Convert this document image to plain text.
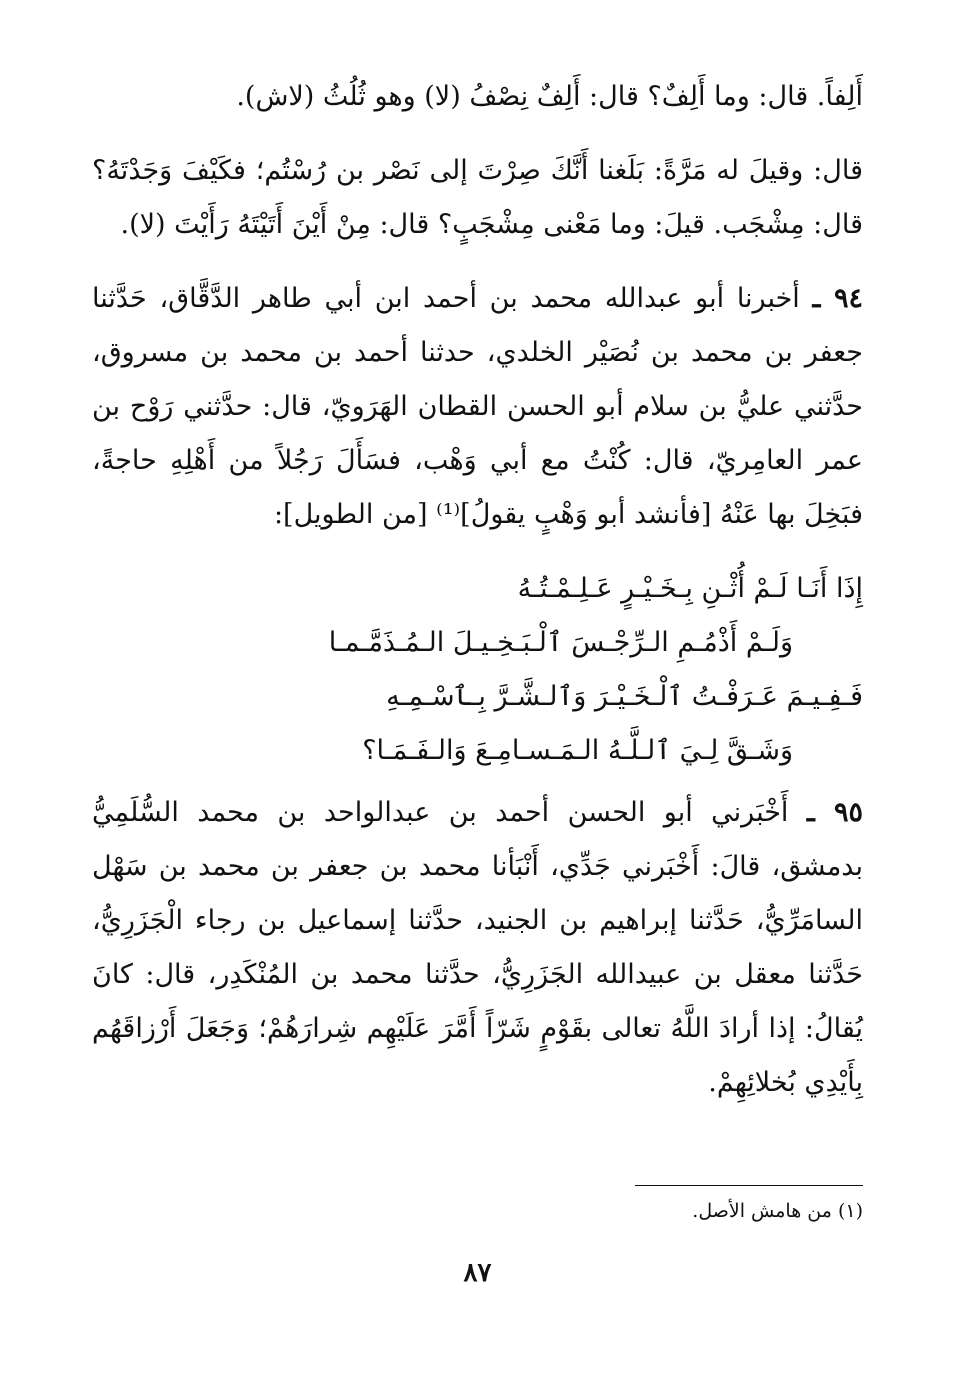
أَلِفاً. قال: وما أَلِفٌ؟ قال: أَلِفٌ نِصْفُ (لا) وهو ثُلُثُ (لاش).

قال: وقيلَ له مَرَّةً: بَلَغنا أَنَّكَ صِرْتَ إلى نَصْر بن رُسْتُم؛ فكَيْفَ وَجَدْتَهُ؟ قال: مِشْجَب. قيلَ: وما مَعْنى مِشْجَبٍ؟ قال: مِنْ أَيْنَ أَتَيْتَهُ رَأَيْتَ (لا).

٩٤ ـ أخبرنا أبو عبدالله محمد بن أحمد ابن أبي طاهر الدَّقَّاق، حَدَّثنا جعفر بن محمد بن نُصَيْر الخلدي، حدثنا أحمد بن محمد بن مسروق، حدَّثني عليُّ بن سلام أبو الحسن القطان الهَرَويّ، قال: حدَّثني رَوْح بن عمر العامِريّ، قال: كُنْتُ مع أبي وَهْب، فسَأَلَ رَجُلاً من أَهْلِهِ حاجةً، فبَخِلَ بها عَنْهُ [فأنشد أبو وَهْبٍ يقولُ]⁽¹⁾ [من الطويل]:

إِذَا أَنَـا لَـمْ أُثْـنِ بِـخَـيْـرٍ عَـلِـمْـتُـهُ

وَلَـمْ أَذْمُـمِ الـرِّجْـسَ ٱلْـبَـخِـيـلَ الـمُـذَمَّـمـا

فَـفِـيـمَ عَـرَفْـتُ ٱلْـخَـيْـرَ وَٱلـشَّـرَّ بِـٱسْـمِـهِ

وَشَـقَّ لِـيَ ٱلـلَّـهُ الـمَـسـامِـعَ وَالـفَـمَـا؟

٩٥ ـ أَخْبَرني أبو الحسن أحمد بن عبدالواحد بن محمد السُّلَمِيُّ بدمشق، قالَ: أَخْبَرني جَدِّي، أَنْبَأنا محمد بن جعفر بن محمد بن سَهْل السامَرِّيُّ، حَدَّثنا إبراهيم بن الجنيد، حدَّثنا إسماعيل بن رجاء الْجَزَرِيُّ، حَدَّثنا معقل بن عبيدالله الجَزَرِيُّ، حدَّثنا محمد بن المُنْكَدِر، قال: كانَ يُقالُ: إذا أرادَ اللَّهُ تعالى بقَوْمٍ شَرّاً أَمَّرَ عَلَيْهِم شِرارَهُمْ؛ وَجَعَلَ أَرْزاقَهُم بِأَيْدِي بُخلائِهِمْ.

(١) من هامش الأصل.
٨٧
